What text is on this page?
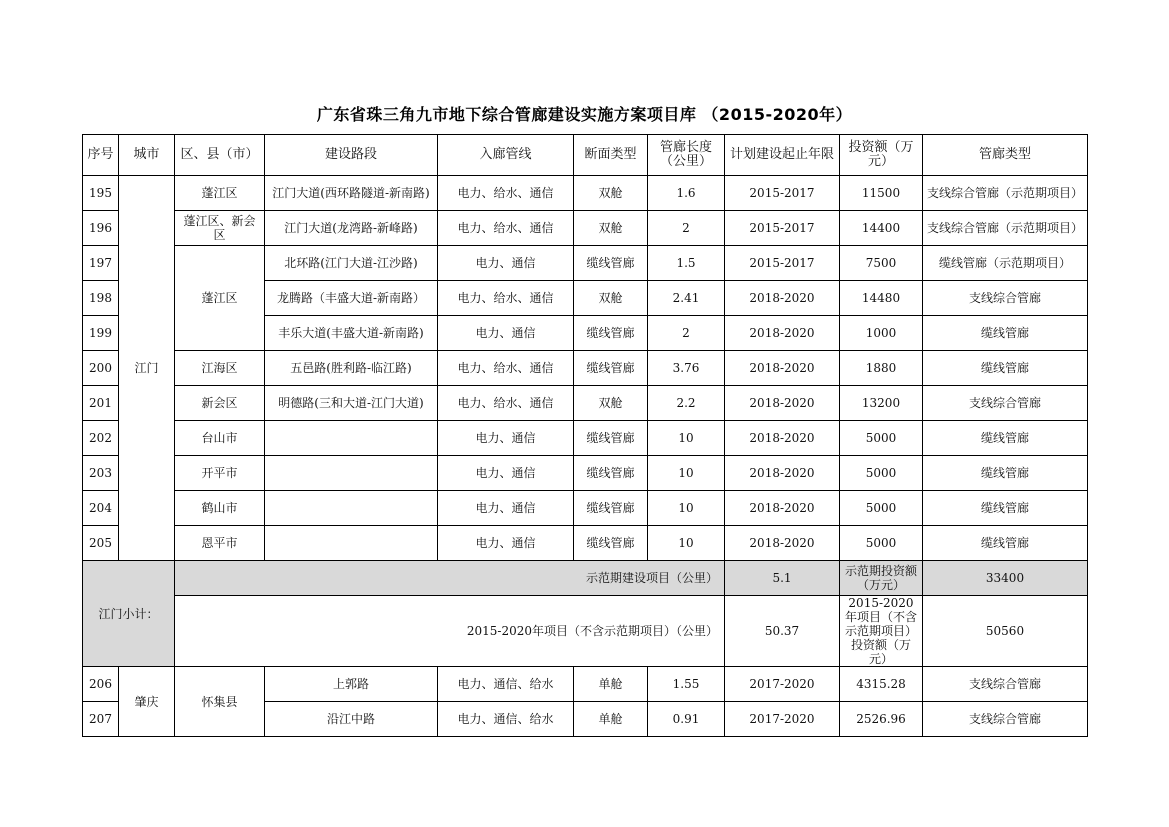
广东省珠三角九市地下综合管廊建设实施方案项目库 （2015-2020年）
序号	城市	区、县（市）	建设路段	入廊管线	断面类型	管廊长度（公里）	计划建设起止年限	投资额（万元）	管廊类型	
195	江门	蓬江区	江门大道(西环路隧道-新南路)	电力、给水、通信	双舱	1.6	2015-2017	11500	支线综合管廊（示范期项目）	
196		蓬江区、新会区	江门大道(龙湾路-新峰路)	电力、给水、通信	双舱	2	2015-2017	14400	支线综合管廊（示范期项目）	
197		蓬江区	北环路(江门大道-江沙路)	电力、通信	缆线管廊	1.5	2015-2017	7500	缆线管廊（示范期项目）	
198			龙腾路（丰盛大道-新南路）	电力、给水、通信	双舱	2.41	2018-2020	14480	支线综合管廊	
199			丰乐大道(丰盛大道-新南路)	电力、通信	缆线管廊	2	2018-2020	1000	缆线管廊	
200		江海区	五邑路(胜利路-临江路)	电力、给水、通信	缆线管廊	3.76	2018-2020	1880	缆线管廊	
201		新会区	明德路(三和大道-江门大道)	电力、给水、通信	双舱	2.2	2018-2020	13200	支线综合管廊	
202		台山市		电力、通信	缆线管廊	10	2018-2020	5000	缆线管廊	
203		开平市		电力、通信	缆线管廊	10	2018-2020	5000	缆线管廊	
204		鹤山市		电力、通信	缆线管廊	10	2018-2020	5000	缆线管廊	
205		恩平市		电力、通信	缆线管廊	10	2018-2020	5000	缆线管廊	
江门小计：		示范期建设项目（公里）					5.1	示范期投资额（万元）	33400	
		2015-2020年项目（不含示范期项目）（公里）					50.37	2015-2020年项目（不含示范期项目）投资额（万元）	50560	
206	肇庆	怀集县	上郭路	电力、通信、给水	单舱	1.55	2017-2020	4315.28	支线综合管廊	
207			沿江中路	电力、通信、给水	单舱	0.91	2017-2020	2526.96	支线综合管廊	
